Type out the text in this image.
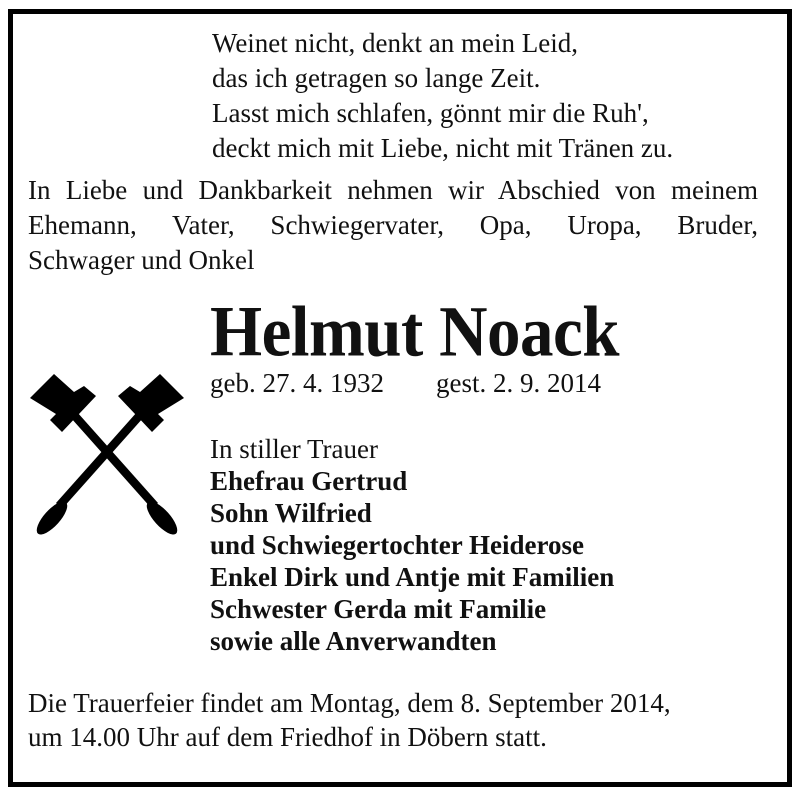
Weinet nicht, denkt an mein Leid,
das ich getragen so lange Zeit.
Lasst mich schlafen, gönnt mir die Ruh',
deckt mich mit Liebe, nicht mit Tränen zu.
In Liebe und Dankbarkeit nehmen wir Abschied von meinem
Ehemann, Vater, Schwiegervater, Opa, Uropa, Bruder,
Schwager und Onkel
Helmut Noack
geb. 27. 4. 1932 gest. 2. 9. 2014
In stiller Trauer
Ehefrau Gertrud
Sohn Wilfried
und Schwiegertochter Heiderose
Enkel Dirk und Antje mit Familien
Schwester Gerda mit Familie
sowie alle Anverwandten
Die Trauerfeier findet am Montag, dem 8. September 2014,
um 14.00 Uhr auf dem Friedhof in Döbern statt.
